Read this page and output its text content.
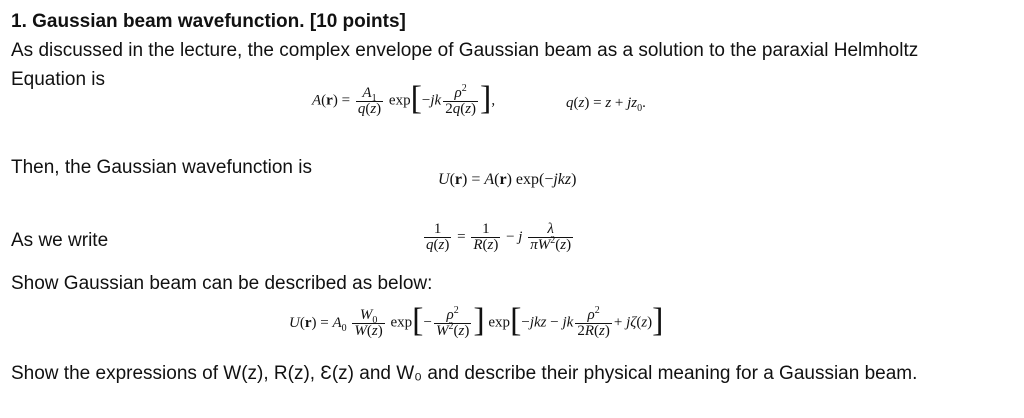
1. Gaussian beam wavefunction. [10 points]
As discussed in the lecture, the complex envelope of Gaussian beam as a solution to the paraxial Helmholtz
Equation is
$A(r) = \frac{A_1}{q(z)} \exp[-jk \frac{\rho^2}{2q(z)}$ ],	$q(z) = z + jz_0$.
Then, the Gaussian wavefunction is
U(r) = A(r) exp(−jkz)
As we write	$\frac{1}{q(z)} = \frac{1}{R(z)} - j \frac{\lambda}{\pi W^2(z)}$
Show Gaussian beam can be described as below:
$U(r) = A_0 \frac{W_0}{W(z)} \exp[- \frac{\rho^2}{W^2(z)}$ ] exp[−jkz − jk $\frac{\rho^2}{2R(z)} + j\zeta(z)$]
Show the expressions of W(z), R(z), Ɛ(z) and W₀ and describe their physical meaning for a Gaussian beam.
